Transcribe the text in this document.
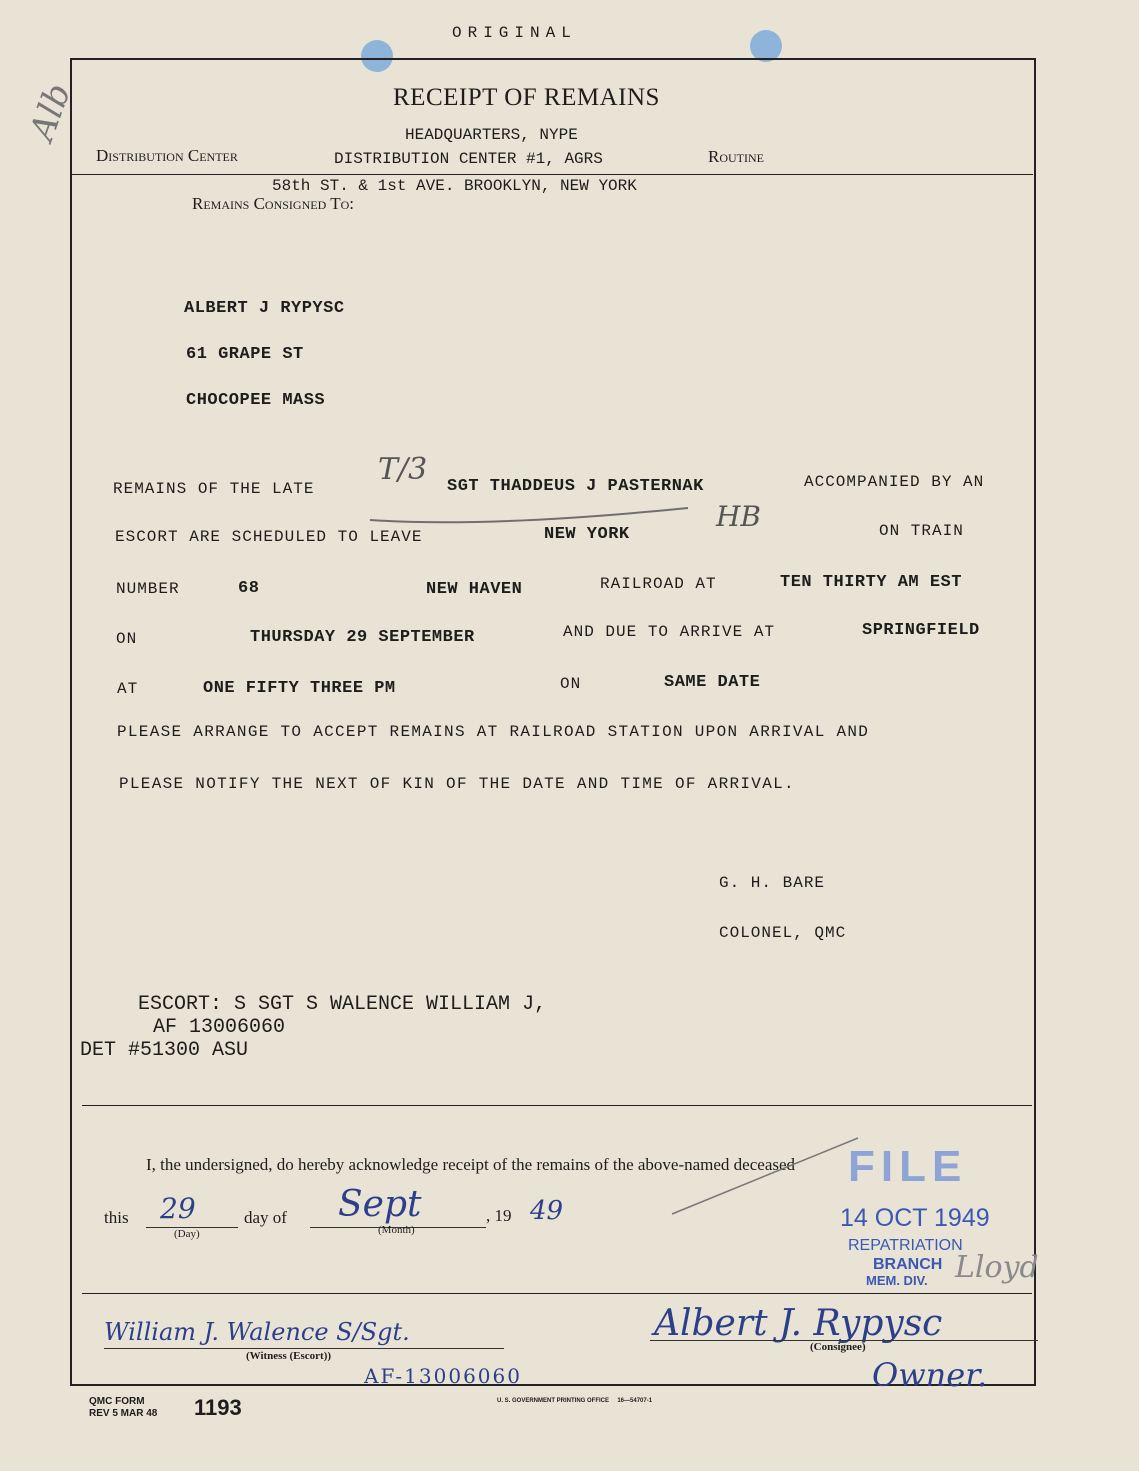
ORIGINAL
Alb	RECEIPT OF REMAINS
HEADQUARTERS, NYPE
Distribution Center	DISTRIBUTION CENTER #1, AGRS	Routine
58th ST. & 1st AVE. BROOKLYN, NEW YORK
Remains Consigned To:
ALBERT J RYPYSC
61 GRAPE ST
CHOCOPEE MASS
REMAINS OF THE LATE
T/3 SGT THADDEUS J PASTERNAK	ACCOMPANIED BY AN
ESCORT ARE SCHEDULED TO LEAVE	NEW YORK
HB	ON TRAIN
NUMBER	68	NEW HAVEN	RAILROAD AT	TEN THIRTY AM EST
ON	THURSDAY 29 SEPTEMBER	AND DUE TO ARRIVE AT	SPRINGFIELD
AT	ONE FIFTY THREE PM	ON	SAME DATE
PLEASE ARRANGE TO ACCEPT REMAINS AT RAILROAD STATION UPON ARRIVAL AND
PLEASE NOTIFY THE NEXT OF KIN OF THE DATE AND TIME OF ARRIVAL.
G. H. BARE
COLONEL, QMC
ESCORT: S SGT S WALENCE WILLIAM J,
AF 13006060
DET #51300 ASU
I, the undersigned, do hereby acknowledge receipt of the remains of the above-named deceased
this 29
(Day)
day of Sept
(Month)
, 19 49
FILE
14 OCT 1949
REPATRIATION
BRANCH
MEM. DIV. Lloyd
William J. Walence S/Sgt.
(Witness (Escort))
AF-13006060
Albert J. Rypysc
(Consignee)
Owner.
QMC FORM
REV 5 MAR 48 1193	U. S. GOVERNMENT PRINTING OFFICE     16—54707-1
